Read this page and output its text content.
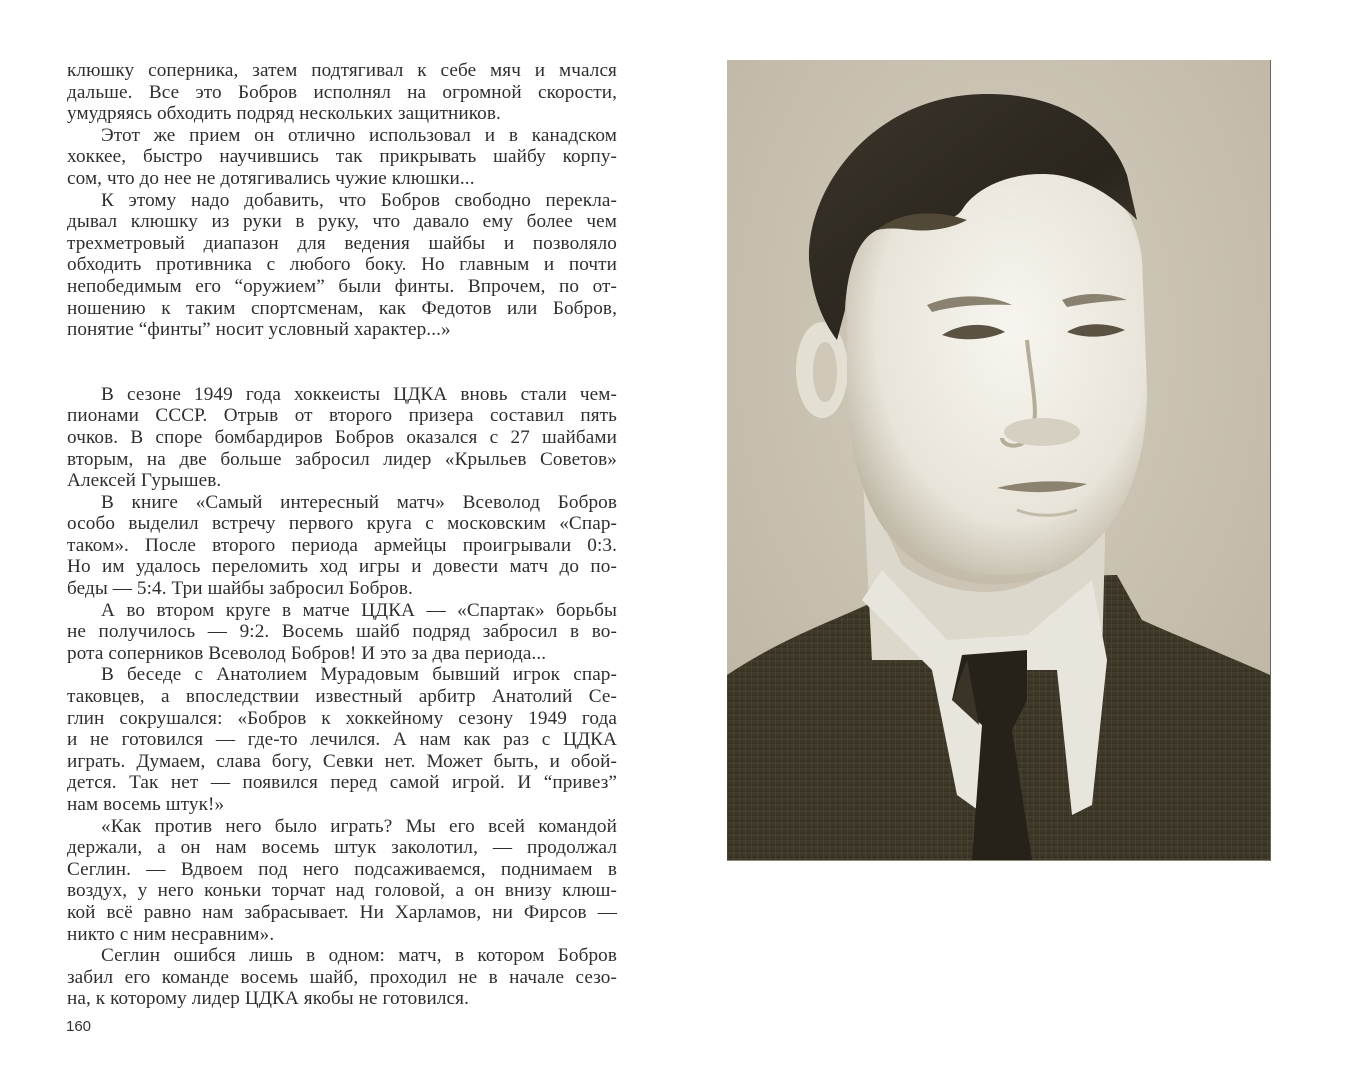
клюшку соперника, затем подтягивал к себе мяч и мчался
дальше. Все это Бобров исполнял на огромной скорости,
умудряясь обходить подряд нескольких защитников.
Этот же прием он отлично использовал и в канадском
хоккее, быстро научившись так прикрывать шайбу корпу-
сом, что до нее не дотягивались чужие клюшки...
К этому надо добавить, что Бобров свободно перекла-
дывал клюшку из руки в руку, что давало ему более чем
трехметровый диапазон для ведения шайбы и позволяло
обходить противника с любого боку. Но главным и почти
непобедимым его “оружием” были финты. Впрочем, по от-
ношению к таким спортсменам, как Федотов или Бобров,
понятие “финты” носит условный характер...»
В сезоне 1949 года хоккеисты ЦДКА вновь стали чем-
пионами СССР. Отрыв от второго призера составил пять
очков. В споре бомбардиров Бобров оказался с 27 шайбами
вторым, на две больше забросил лидер «Крыльев Советов»
Алексей Гурышев.
В книге «Самый интересный матч» Всеволод Бобров
особо выделил встречу первого круга с московским «Спар-
таком». После второго периода армейцы проигрывали 0:3.
Но им удалось переломить ход игры и довести матч до по-
беды — 5:4. Три шайбы забросил Бобров.
А во втором круге в матче ЦДКА — «Спартак» борьбы
не получилось — 9:2. Восемь шайб подряд забросил в во-
рота соперников Всеволод Бобров! И это за два периода...
В беседе с Анатолием Мурадовым бывший игрок спар-
таковцев, а впоследствии известный арбитр Анатолий Се-
глин сокрушался: «Бобров к хоккейному сезону 1949 года
и не готовился — где-то лечился. А нам как раз с ЦДКА
играть. Думаем, слава богу, Севки нет. Может быть, и обой-
дется. Так нет — появился перед самой игрой. И “привез”
нам восемь штук!»
«Как против него было играть? Мы его всей командой
держали, а он нам восемь штук заколотил, — продолжал
Сеглин. — Вдвоем под него подсаживаемся, поднимаем в
воздух, у него коньки торчат над головой, а он внизу клюш-
кой всё равно нам забрасывает. Ни Харламов, ни Фирсов —
никто с ним несравним».
Сеглин ошибся лишь в одном: матч, в котором Бобров
забил его команде восемь шайб, проходил не в начале сезо-
на, к которому лидер ЦДКА якобы не готовился.
160
